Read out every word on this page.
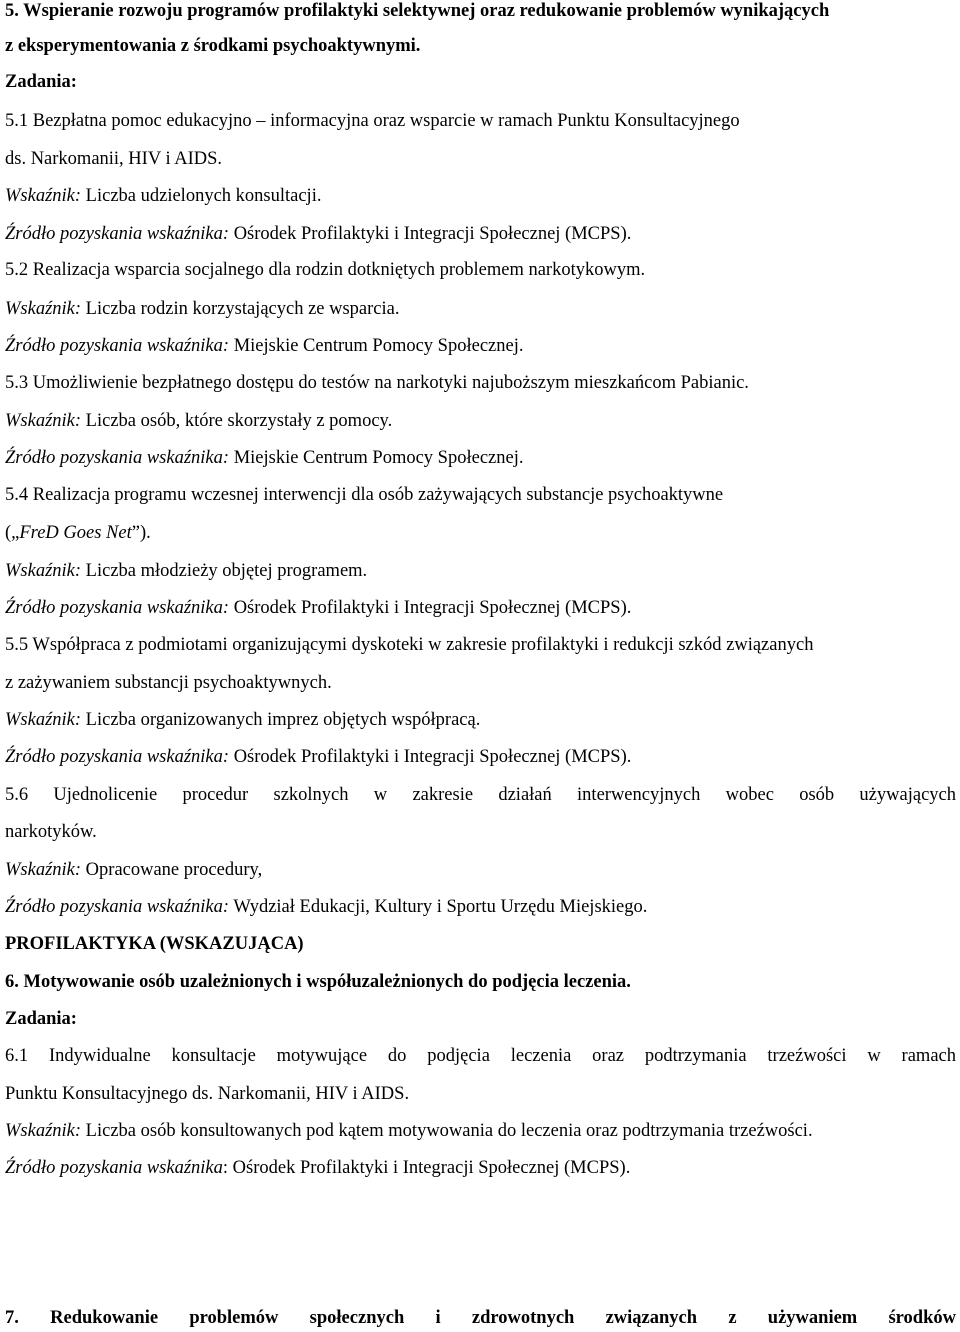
5. Wspieranie rozwoju programów profilaktyki selektywnej oraz redukowanie problemów wynikających
z eksperymentowania z środkami psychoaktywnymi.
Zadania:
5.1 Bezpłatna pomoc edukacyjno – informacyjna oraz wsparcie w ramach Punktu Konsultacyjnego
ds. Narkomanii, HIV i AIDS.
Wskaźnik: Liczba udzielonych konsultacji.
Źródło pozyskania wskaźnika: Ośrodek Profilaktyki i Integracji Społecznej (MCPS).
5.2 Realizacja wsparcia socjalnego dla rodzin dotkniętych problemem narkotykowym.
Wskaźnik: Liczba rodzin korzystających ze wsparcia.
Źródło pozyskania wskaźnika: Miejskie Centrum Pomocy Społecznej.
5.3 Umożliwienie bezpłatnego dostępu do testów na narkotyki najuboższym mieszkańcom Pabianic.
Wskaźnik: Liczba osób, które skorzystały z pomocy.
Źródło pozyskania wskaźnika: Miejskie Centrum Pomocy Społecznej.
5.4 Realizacja programu wczesnej interwencji dla osób zażywających substancje psychoaktywne
(„FreD Goes Net”).
Wskaźnik: Liczba młodzieży objętej programem.
Źródło pozyskania wskaźnika: Ośrodek Profilaktyki i Integracji Społecznej (MCPS).
5.5 Współpraca z podmiotami organizującymi dyskoteki w zakresie profilaktyki i redukcji szkód związanych
z zażywaniem substancji psychoaktywnych.
Wskaźnik: Liczba organizowanych imprez objętych współpracą.
Źródło pozyskania wskaźnika: Ośrodek Profilaktyki i Integracji Społecznej (MCPS).
5.6 Ujednolicenie procedur szkolnych w zakresie działań interwencyjnych wobec osób używających
narkotyków.
Wskaźnik: Opracowane procedury,
Źródło pozyskania wskaźnika: Wydział Edukacji, Kultury i Sportu Urzędu Miejskiego.
PROFILAKTYKA (WSKAZUJĄCA)
6. Motywowanie osób uzależnionych i współuzależnionych do podjęcia leczenia.
Zadania:
6.1 Indywidualne konsultacje motywujące do podjęcia leczenia oraz podtrzymania trzeźwości w ramach
Punktu Konsultacyjnego ds. Narkomanii, HIV i AIDS.
Wskaźnik: Liczba osób konsultowanych pod kątem motywowania do leczenia oraz podtrzymania trzeźwości.
Źródło pozyskania wskaźnika: Ośrodek Profilaktyki i Integracji Społecznej (MCPS).
7. Redukowanie problemów społecznych i zdrowotnych związanych z używaniem środków
